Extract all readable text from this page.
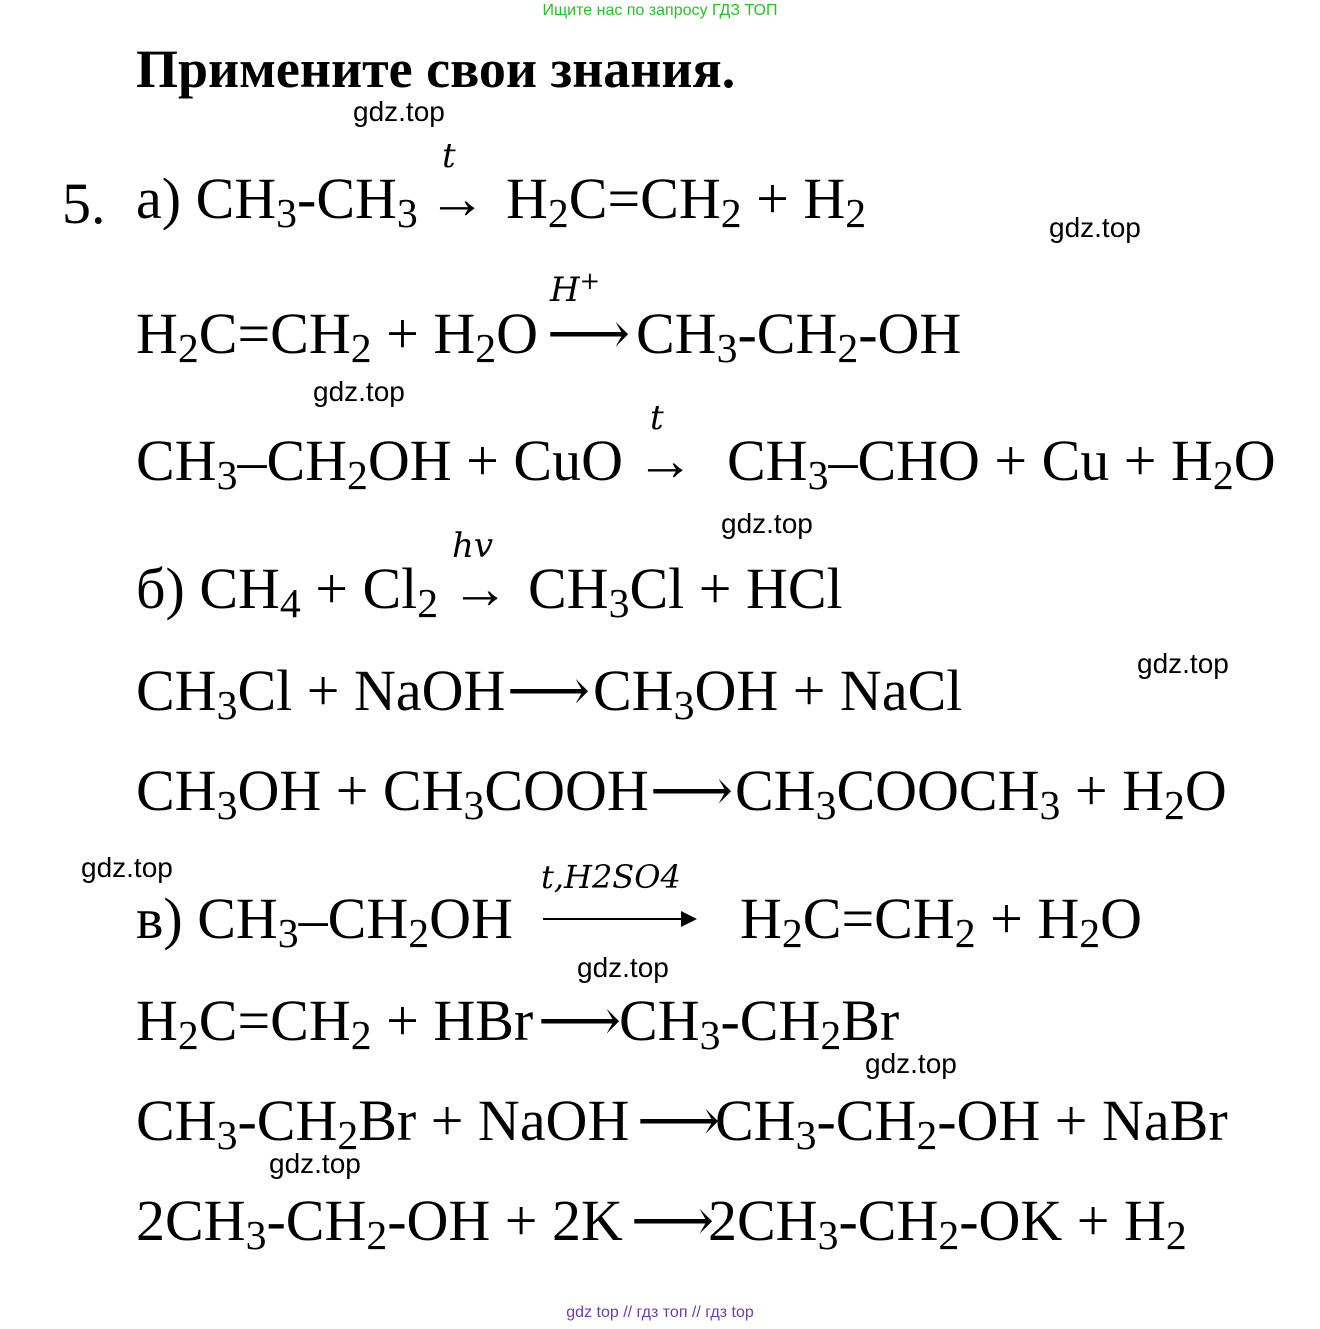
Ищите нас по запросу ГДЗ ТОП
gdz top // гдз топ // гдз top
Примените свои знания.
gdz.top
gdz.top
gdz.top
gdz.top
gdz.top
gdz.top
gdz.top
gdz.top
gdz.top
5. а) $CH_3-CH_3$
t
→ $H_2C=CH_2 + H_2$
$H_2C=CH_2 + H_2O$
H+
⟶ $CH_3-CH_2-OH$
$CH_3-CH_2OH$ + CuO
t
→ $CH_3$–CHO + $Cu + H_2O$
б) $CH_4 + Cl_2$
hv
→ $CH_3Cl$ + HCl
$CH_3Cl$ + NaOH ⟶ $CH_3OH$ + NaCl
$CH_3OH$ + $CH_3COOH$ ⟶ $CH_3COOCH_3 + H_2O$
в) $CH_3-CH_2OH$
t,H2SO4
$H_2C=CH_2 + H_2O$
$H_2C=CH_2$ + HBr ⟶
$CH_3-CH_2Br$
$CH_3-CH_2Br$ + NaOH ⟶
$CH_3-CH_2-OH$ + NaBr
$2CH_3-CH_2-OH + 2K$ ⟶
$2CH_3-CH_2-OK + H_2$
